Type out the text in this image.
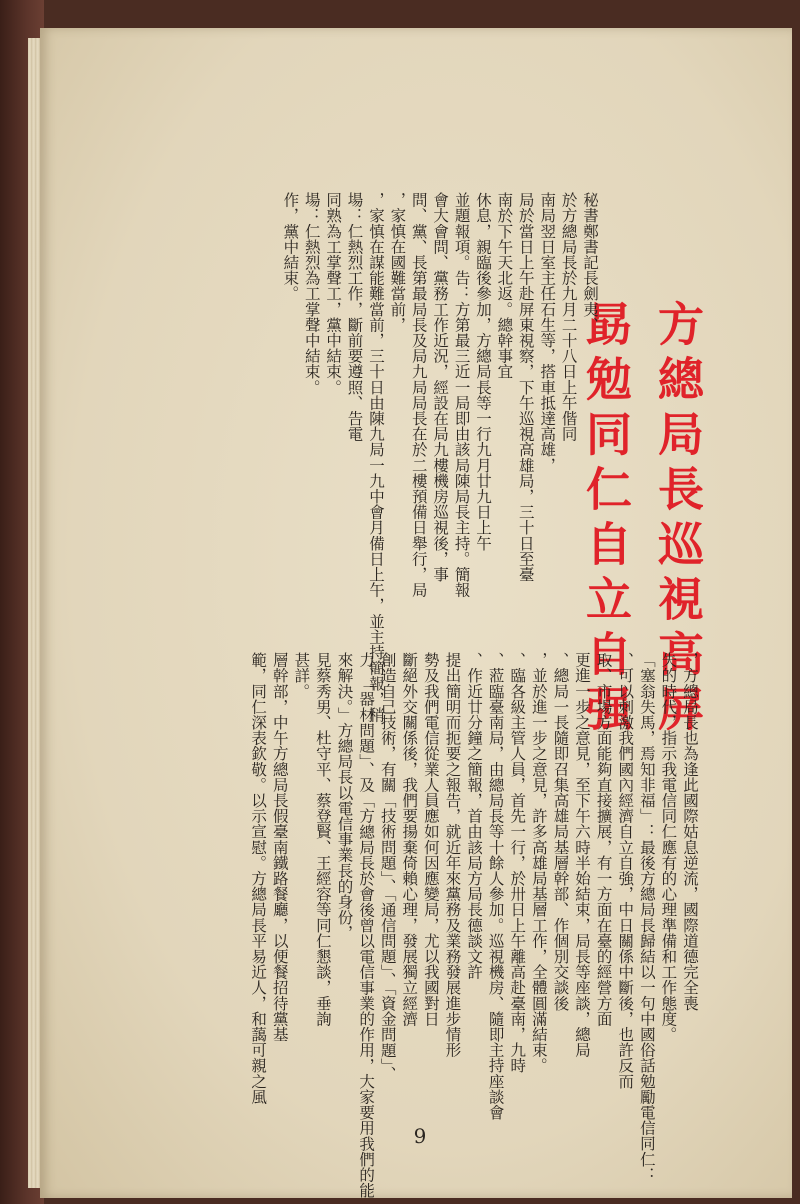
方總局長巡視高屏
勗勉同仁自立自强
秘書鄭書記長劍夷、
於方總局長於九月二十八日上午偕同
南局翌日室主任石生等，搭車抵達高雄，
局於當日上午赴屏東視察，下午巡視高雄局，三十日至臺
南於下午天北返。總幹事宜
休息，親臨後參加，方總局長等一行九月廿九日上午
並題報項。告：方第最三近一局即由該局陳局長主持。簡報
會大會問、黨務工作近況，經設在局九樓機房巡視後，事
問、黨、長第最局長及局九局局長在於二樓預備日舉行，局
，家慎在國難當前，
，家慎在謀能難當前，三十日由陳九局一九中會月備日上午，並主持簡報，稍
場：仁熱烈工作，斷前要遵照、告電
同熟為工掌聲工，黨中結束。
場：仁熱烈為工掌聲中結束。
作，黨中結束。
，方總局長也為逢此國際姑息逆流，國際道德完全喪
失的時代，指示我電信同仁應有的心理準備和工作態度。
「塞翁失馬，焉知非福」：最後方總局長歸結以一句中國俗話勉勵電信同仁：
、可以刺激我們國內經濟自立自強，中日關係中斷後，也許反而
取、市場方面能夠直接擴展，有一方面在臺的經營方面
更進一步之意見，至下午六時半始結束，局長等座談，總局
、總局一長隨即召集高雄局基層幹部、作個別交談後
，並於進一步之意見，許多高雄局基層工作，全體圓滿結束。
、臨各級主管人員，首先一行，於卅日上午離高赴臺南，九時
、蒞臨臺南局，由總局長等十餘人參加。巡視機房、隨即主持座談會
、作近廿分鐘之簡報，首由該局方局長德談文許
提出簡明而扼要之報告，就近年來黨務及業務發展進步情形
勢及我們電信從業人員應如何因應變局，尤以我國對日
斷絕外交關係後，我們要揚棄倚賴心理，發展獨立經濟
創造自己技術，有關「技術問題」、「通信問題」、「資金問題」、
力、「器材問題」、及「方總局長於會後曾以電信事業的作用，大家要用我們的能
來解決。」方總局長以電信事業長的身份，
見蔡秀男、杜守平、蔡登賢、王經容等同仁懇談，垂詢
甚詳。
層幹部，中午方總局長假臺南鐵路餐廳，以便餐招待黨基
範，同仁深表欽敬。以示宣慰。方總局長平易近人，和藹可親之風
9
